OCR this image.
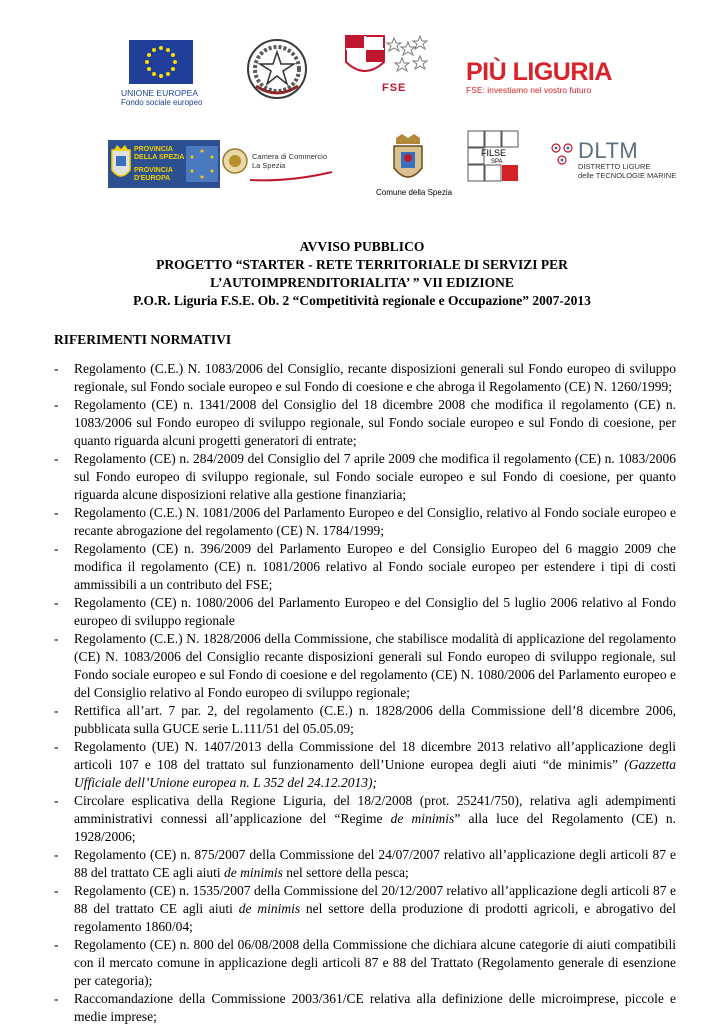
UNIONE EUROPEA
Fondo sociale europeo
FSE
PIÙ LIGURIA
FSE: investiamo nel vostro futuro
PROVINCIA
DELLA SPEZIA
PROVINCIA
D'EUROPA
Camera di Commercio
La Spezia
Comune della Spezia
FILSE
SPA	DLTM
DISTRETTO LIGURE
delle TECNOLOGIE MARINE
AVVISO PUBBLICO
PROGETTO “STARTER - RETE TERRITORIALE DI SERVIZI PER
L’AUTOIMPRENDITORIALITA’ ” VII EDIZIONE
P.O.R. Liguria F.S.E. Ob. 2 “Competitività regionale e Occupazione” 2007-2013
RIFERIMENTI NORMATIVI
- Regolamento (C.E.) N. 1083/2006 del Consiglio, recante disposizioni generali sul Fondo europeo di sviluppo regionale, sul Fondo sociale europeo e sul Fondo di coesione e che abroga il Regolamento (CE) N. 1260/1999;
- Regolamento (CE) n. 1341/2008 del Consiglio del 18 dicembre 2008 che modifica il regolamento (CE) n. 1083/2006 sul Fondo europeo di sviluppo regionale, sul Fondo sociale europeo e sul Fondo di coesione, per quanto riguarda alcuni progetti generatori di entrate;
- Regolamento (CE) n. 284/2009 del Consiglio del 7 aprile 2009 che modifica il regolamento (CE) n. 1083/2006 sul Fondo europeo di sviluppo regionale, sul Fondo sociale europeo e sul Fondo di coesione, per quanto riguarda alcune disposizioni relative alla gestione finanziaria;
- Regolamento (C.E.) N. 1081/2006 del Parlamento Europeo e del Consiglio, relativo al Fondo sociale europeo e recante abrogazione del regolamento (CE) N. 1784/1999;
- Regolamento (CE) n. 396/2009 del Parlamento Europeo e del Consiglio Europeo del 6 maggio 2009 che modifica il regolamento (CE) n. 1081/2006 relativo al Fondo sociale europeo per estendere i tipi di costi ammissibili a un contributo del FSE;
- Regolamento (CE) n. 1080/2006 del Parlamento Europeo e del Consiglio del 5 luglio 2006 relativo al Fondo europeo di sviluppo regionale
- Regolamento (C.E.) N. 1828/2006 della Commissione, che stabilisce modalità di applicazione del regolamento (CE) N. 1083/2006 del Consiglio recante disposizioni generali sul Fondo europeo di sviluppo regionale, sul Fondo sociale europeo e sul Fondo di coesione e del regolamento (CE) N. 1080/2006 del Parlamento europeo e del Consiglio relativo al Fondo europeo di sviluppo regionale;
- Rettifica all’art. 7 par. 2, del regolamento (C.E.) n. 1828/2006 della Commissione dell’8 dicembre 2006, pubblicata sulla GUCE serie L.111/51 del 05.05.09;
- Regolamento (UE) N. 1407/2013 della Commissione del 18 dicembre 2013 relativo all’applicazione degli articoli 107 e 108 del trattato sul funzionamento dell’Unione europea degli aiuti “de minimis” (Gazzetta Ufficiale dell’Unione europea n. L 352 del 24.12.2013);
- Circolare esplicativa della Regione Liguria, del 18/2/2008 (prot. 25241/750), relativa agli adempimenti amministrativi connessi all’applicazione del “Regime de minimis” alla luce del Regolamento (CE) n. 1928/2006;
- Regolamento (CE) n. 875/2007 della Commissione del 24/07/2007 relativo all’applicazione degli articoli 87 e 88 del trattato CE agli aiuti de minimis nel settore della pesca;
- Regolamento (CE) n. 1535/2007 della Commissione del 20/12/2007 relativo all’applicazione degli articoli 87 e 88 del trattato CE agli aiuti de minimis nel settore della produzione di prodotti agricoli, e abrogativo del regolamento 1860/04;
- Regolamento (CE) n. 800 del 06/08/2008 della Commissione che dichiara alcune categorie di aiuti compatibili con il mercato comune in applicazione degli articoli 87 e 88 del Trattato (Regolamento generale di esenzione per categoria);
- Raccomandazione della Commissione 2003/361/CE relativa alla definizione delle microimprese, piccole e medie imprese;
